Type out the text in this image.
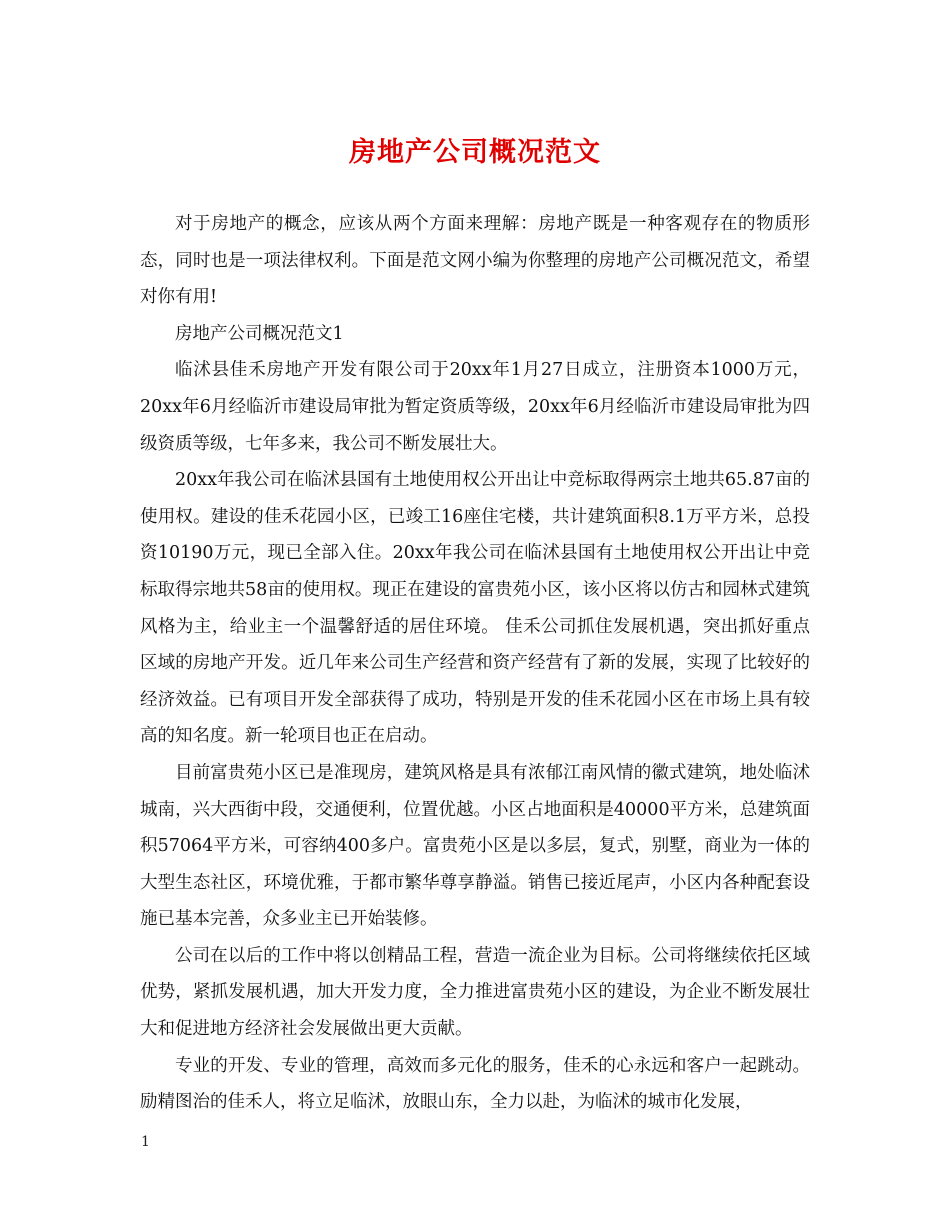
房地产公司概况范文

对于房地产的概念，应该从两个方面来理解：房地产既是一种客观存在的物质形态，同时也是一项法律权利。下面是范文网小编为你整理的房地产公司概况范文，希望对你有用!

房地产公司概况范文1

临沭县佳禾房地产开发有限公司于20xx年1月27日成立，注册资本1000万元，20xx年6月经临沂市建设局审批为暂定资质等级，20xx年6月经临沂市建设局审批为四级资质等级，七年多来，我公司不断发展壮大。

20xx年我公司在临沭县国有土地使用权公开出让中竞标取得两宗土地共65.87亩的使用权。建设的佳禾花园小区，已竣工16座住宅楼，共计建筑面积8.1万平方米，总投资10190万元，现已全部入住。20xx年我公司在临沭县国有土地使用权公开出让中竞标取得宗地共58亩的使用权。现正在建设的富贵苑小区，该小区将以仿古和园林式建筑风格为主，给业主一个温馨舒适的居住环境。 佳禾公司抓住发展机遇，突出抓好重点区域的房地产开发。近几年来公司生产经营和资产经营有了新的发展，实现了比较好的经济效益。已有项目开发全部获得了成功，特别是开发的佳禾花园小区在市场上具有较高的知名度。新一轮项目也正在启动。

目前富贵苑小区已是准现房，建筑风格是具有浓郁江南风情的徽式建筑，地处临沭城南，兴大西街中段，交通便利，位置优越。小区占地面积是40000平方米，总建筑面积57064平方米，可容纳400多户。富贵苑小区是以多层，复式，别墅，商业为一体的大型生态社区，环境优雅，于都市繁华尊享静溢。销售已接近尾声，小区内各种配套设施已基本完善，众多业主已开始装修。

公司在以后的工作中将以创精品工程，营造一流企业为目标。公司将继续依托区域优势，紧抓发展机遇，加大开发力度，全力推进富贵苑小区的建设，为企业不断发展壮大和促进地方经济社会发展做出更大贡献。

专业的开发、专业的管理，高效而多元化的服务，佳禾的心永远和客户一起跳动。励精图治的佳禾人，将立足临沭，放眼山东，全力以赴，为临沭的城市化发展，

1
